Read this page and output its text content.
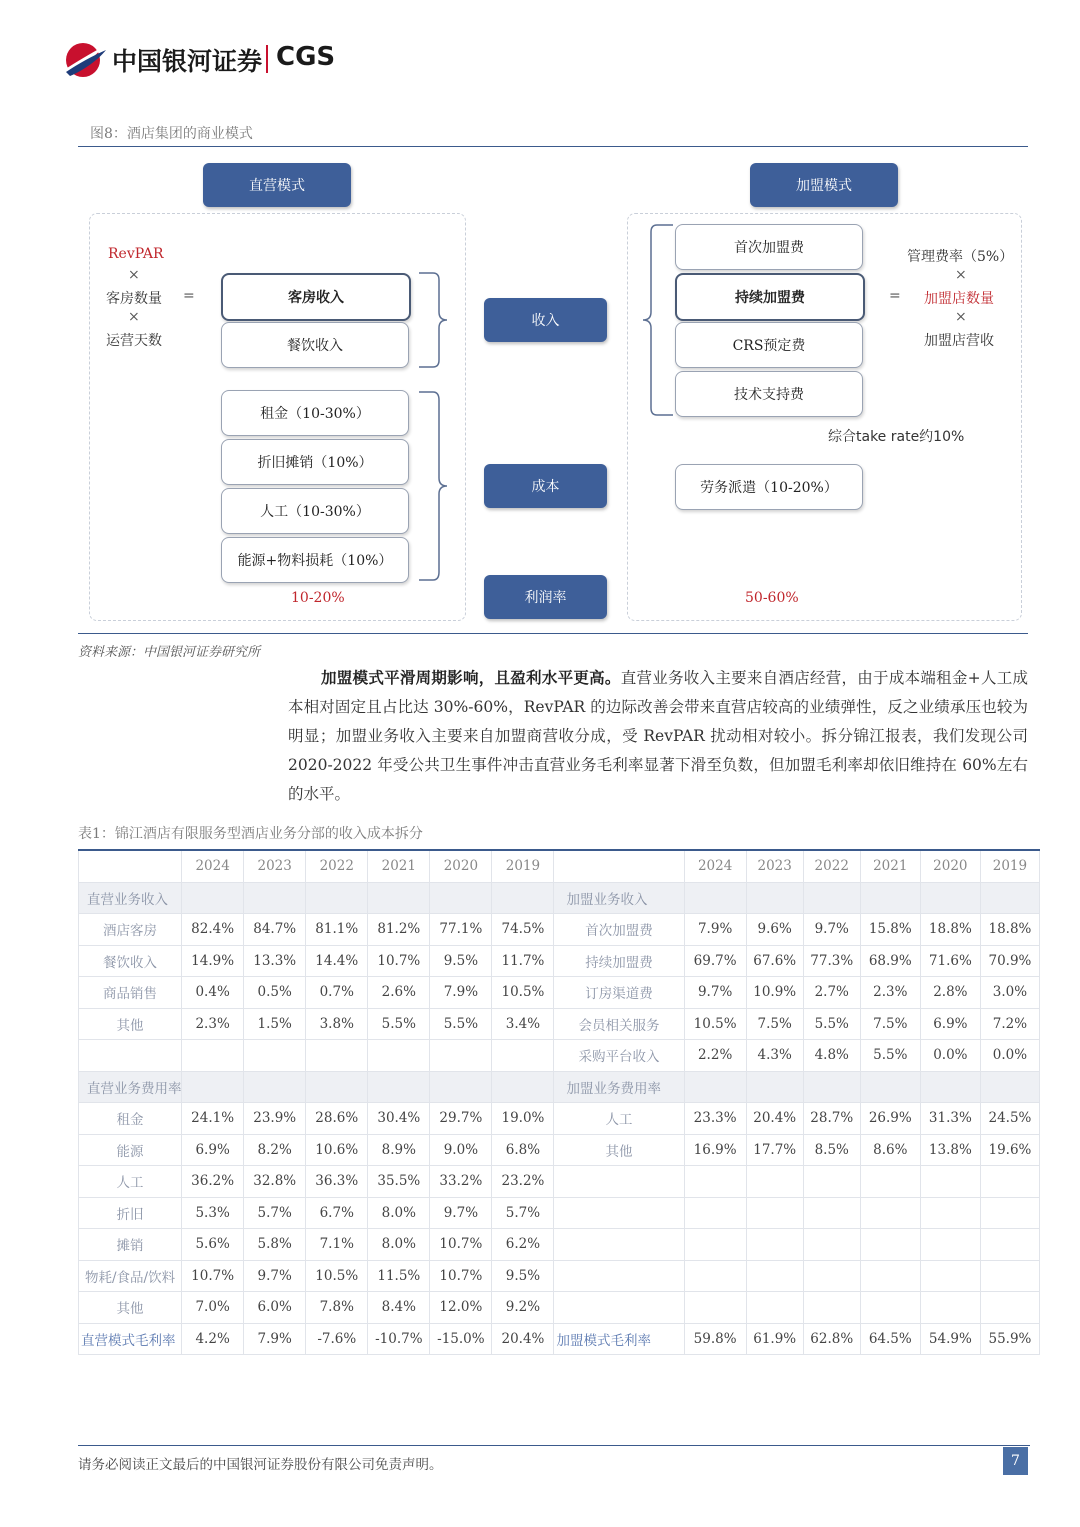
中国银河证券 CGS
图8：酒店集团的商业模式
直营模式	加盟模式
RevPAR
×
客房数量 =
×
运营天数
客房收入
餐饮收入
租金（10-30%）
折旧摊销（10%）
人工（10-30%）
能源+物料损耗（10%）
10-20%
收入
成本
利润率
首次加盟费
持续加盟费
CRS预定费
技术支持费
=
管理费率（5%）
×
加盟店数量
×
加盟店营收
综合take rate约10%
劳务派遣（10-20%）
50-60%
资料来源：中国银河证券研究所
加盟模式平滑周期影响，且盈利水平更高。直营业务收入主要来自酒店经营，由于成本端租金+人工成本相对固定且占比达 30%-60%，RevPAR 的边际改善会带来直营店较高的业绩弹性，反之业绩承压也较为明显；加盟业务收入主要来自加盟商营收分成，受 RevPAR 扰动相对较小。拆分锦江报表，我们发现公司 2020-2022 年受公共卫生事件冲击直营业务毛利率显著下滑至负数，但加盟毛利率却依旧维持在 60%左右的水平。
表1：锦江酒店有限服务型酒店业务分部的收入成本拆分
	2024	2023	2022	2021	2020	2019		2024	2023	2022	2021	2020	2019
直营业务收入							加盟业务收入						
酒店客房	82.4%	84.7%	81.1%	81.2%	77.1%	74.5%	首次加盟费	7.9%	9.6%	9.7%	15.8%	18.8%	18.8%
餐饮收入	14.9%	13.3%	14.4%	10.7%	9.5%	11.7%	持续加盟费	69.7%	67.6%	77.3%	68.9%	71.6%	70.9%
商品销售	0.4%	0.5%	0.7%	2.6%	7.9%	10.5%	订房渠道费	9.7%	10.9%	2.7%	2.3%	2.8%	3.0%
其他	2.3%	1.5%	3.8%	5.5%	5.5%	3.4%	会员相关服务	10.5%	7.5%	5.5%	7.5%	6.9%	7.2%
							采购平台收入	2.2%	4.3%	4.8%	5.5%	0.0%	0.0%
直营业务费用率							加盟业务费用率						
租金	24.1%	23.9%	28.6%	30.4%	29.7%	19.0%	人工	23.3%	20.4%	28.7%	26.9%	31.3%	24.5%
能源	6.9%	8.2%	10.6%	8.9%	9.0%	6.8%	其他	16.9%	17.7%	8.5%	8.6%	13.8%	19.6%
人工	36.2%	32.8%	36.3%	35.5%	33.2%	23.2%							
折旧	5.3%	5.7%	6.7%	8.0%	9.7%	5.7%							
摊销	5.6%	5.8%	7.1%	8.0%	10.7%	6.2%							
物耗/食品/饮料	10.7%	9.7%	10.5%	11.5%	10.7%	9.5%							
其他	7.0%	6.0%	7.8%	8.4%	12.0%	9.2%							
直营模式毛利率	4.2%	7.9%	-7.6%	-10.7%	-15.0%	20.4%	加盟模式毛利率	59.8%	61.9%	62.8%	64.5%	54.9%	55.9%
请务必阅读正文最后的中国银河证券股份有限公司免责声明。	7
